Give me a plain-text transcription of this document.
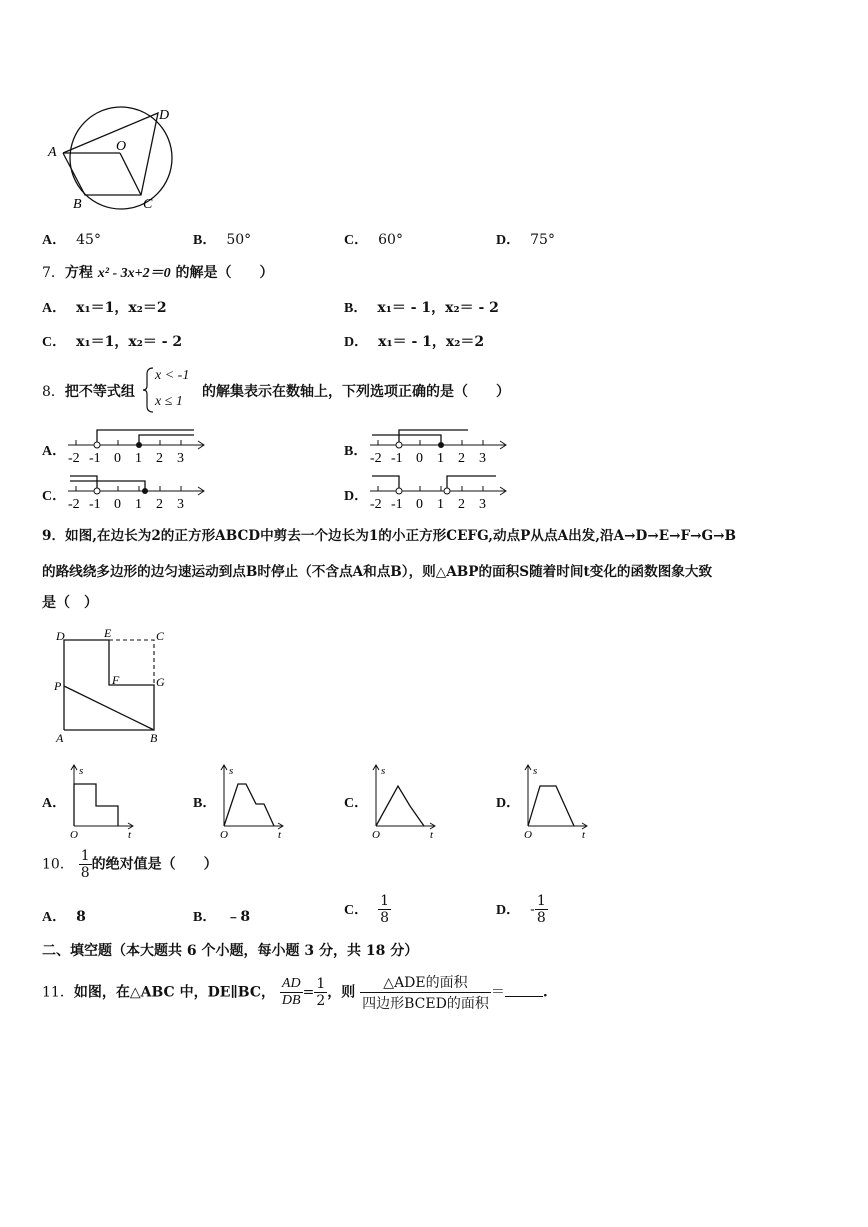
A
D
O
B	C
A． 45°	B． 50°	C． 60°	D． 75°
7．方程 x² - 3x+2＝0 的解是（　　）
A． x₁＝1，x₂＝2	B． x₁＝ - 1，x₂＝ - 2
C． x₁＝1，x₂＝ - 2	D． x₁＝ - 1，x₂＝2
8．把不等式组
x < -1
x ≤ 1
的解集表示在数轴上，下列选项正确的是（　　）
A．	B．
C．	D．
-2 -1 0 1 2 3	-2 -1 0 1 2 3
-2 -1 0 1 2 3	-2 -1 0 1 2 3
9．如图,在边长为2的正方形ABCD中剪去一个边长为1的小正方形CEFG,动点P从点A出发,沿A→D→E→F→G→B
的路线绕多边形的边匀速运动到点B时停止（不含点A和点B），则△ABP的面积S随着时间t变化的函数图象大致
是（　）
D	E	C
P	F	G
A	B
A．	B．	C．	D．
s
O	t
s
O	t
s
O	t
s
O	t
10． $\frac{1}{8}$ 的绝对值是（　　）
A． 8	B． ﹣8	C． $\frac{1}{8}$	D． - $\frac{1}{8}$
二、填空题（本大题共 6 个小题，每小题 3 分，共 18 分）
11．如图，在△ABC 中，DE∥BC， $\frac{AD}{DB} = \frac{1}{2}$ ，则 $\frac{\text{△ADE的面积}}{\text{四边形BCED的面积}}$ ＝	.
